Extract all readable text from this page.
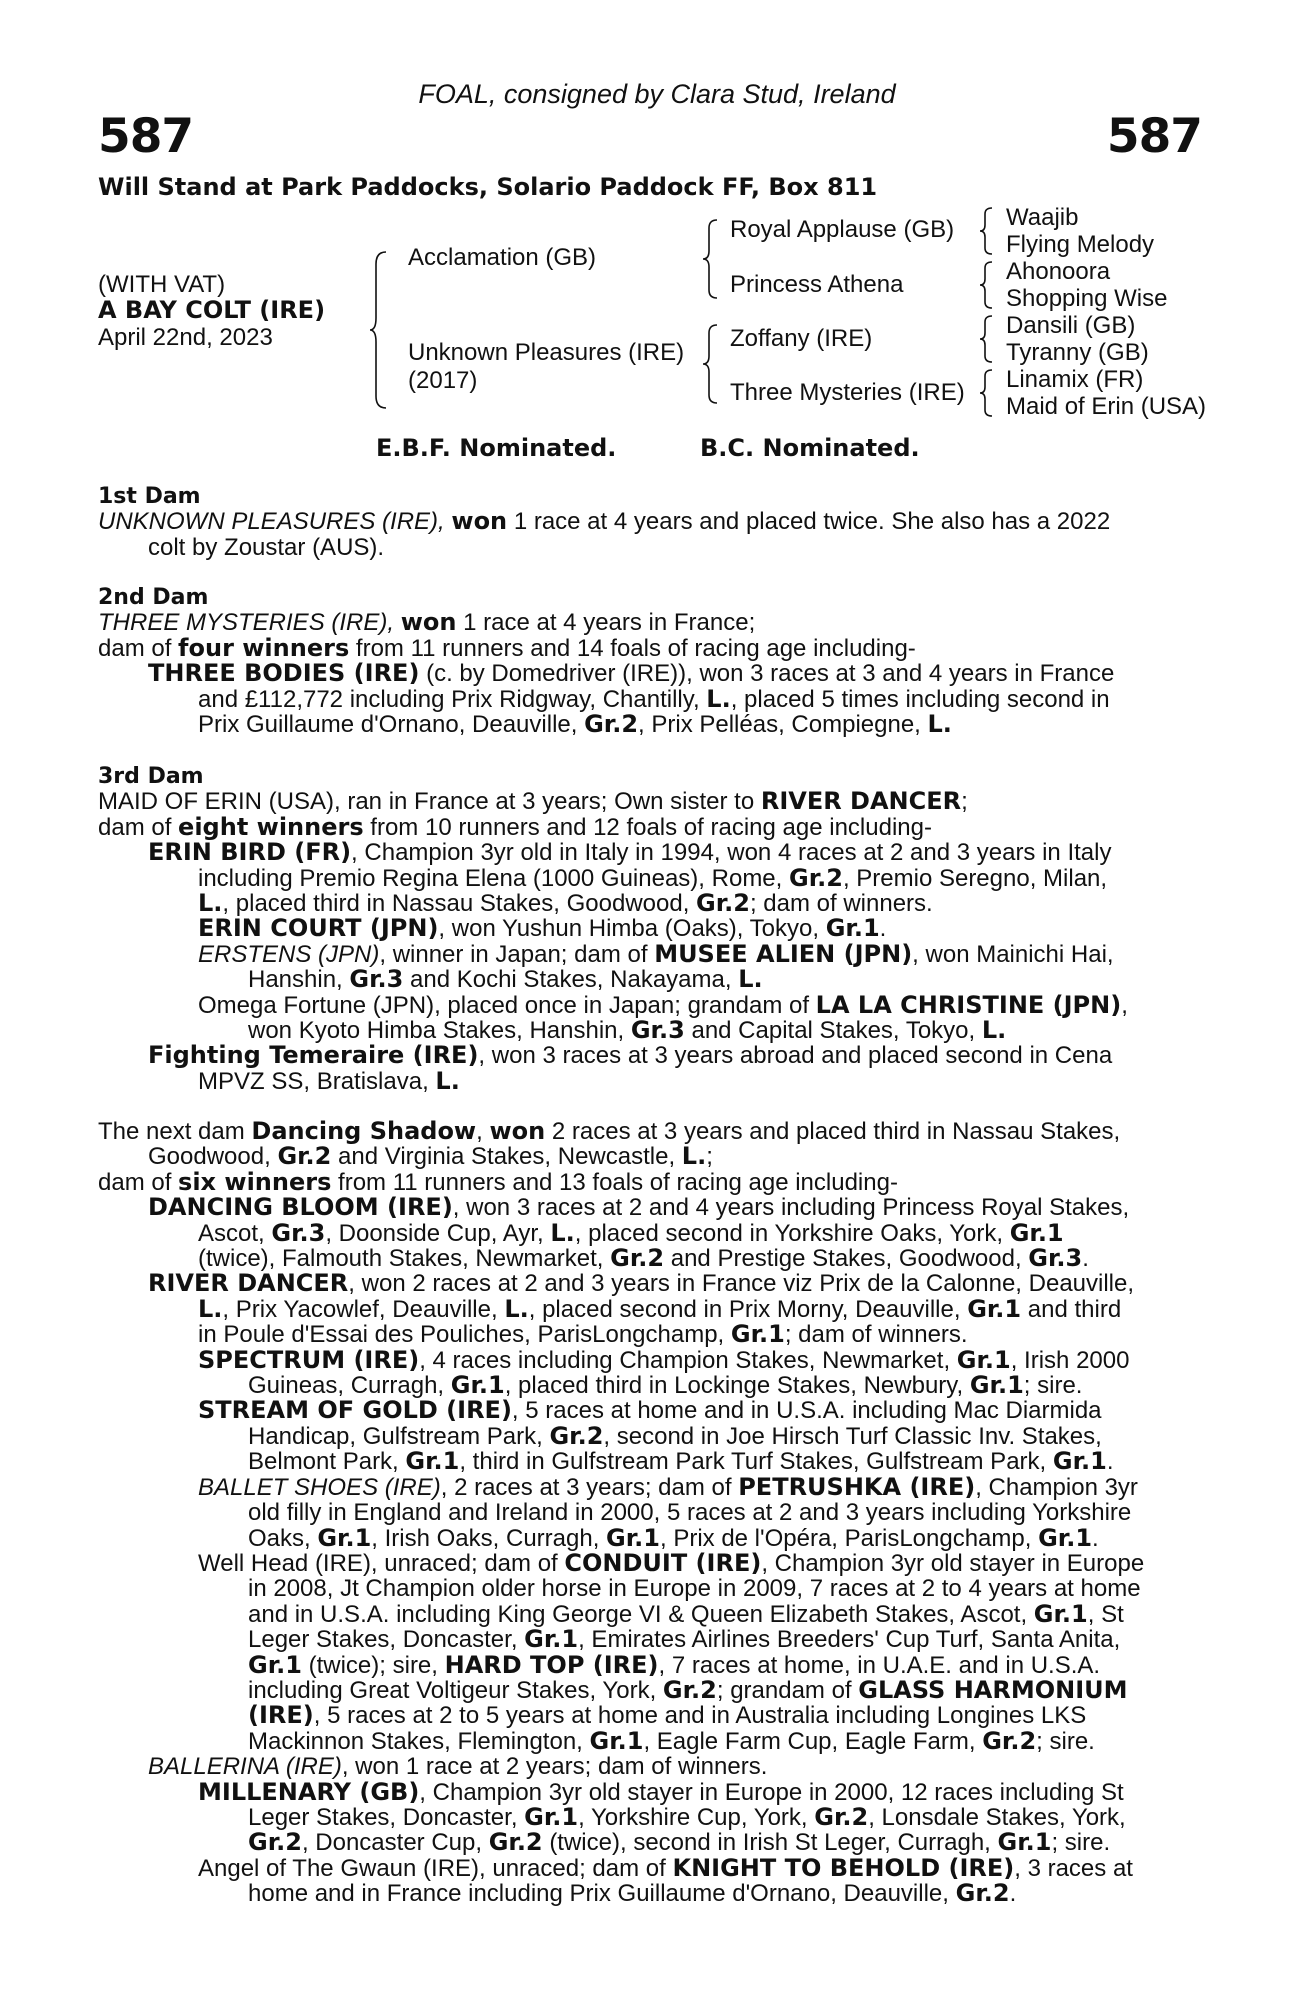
FOAL, consigned by Clara Stud, Ireland
587	587
Will Stand at Park Paddocks, Solario Paddock FF, Box 811
(WITH VAT)
A BAY COLT (IRE)
April 22nd, 2023
Acclamation (GB)
Unknown Pleasures (IRE)
(2017)
Royal Applause (GB)
Princess Athena
Zoffany (IRE)
Three Mysteries (IRE)
Waajib
Flying Melody
Ahonoora
Shopping Wise
Dansili (GB)
Tyranny (GB)
Linamix (FR)
Maid of Erin (USA)
E.B.F. Nominated.	B.C. Nominated.
1st Dam
UNKNOWN PLEASURES (IRE), won 1 race at 4 years and placed twice. She also has a 2022
colt by Zoustar (AUS).
2nd Dam
THREE MYSTERIES (IRE), won 1 race at 4 years in France;
dam of four winners from 11 runners and 14 foals of racing age including-
THREE BODIES (IRE) (c. by Domedriver (IRE)), won 3 races at 3 and 4 years in France
and £112,772 including Prix Ridgway, Chantilly, L., placed 5 times including second in
Prix Guillaume d'Ornano, Deauville, Gr.2, Prix Pelléas, Compiegne, L.
3rd Dam
MAID OF ERIN (USA), ran in France at 3 years; Own sister to RIVER DANCER;
dam of eight winners from 10 runners and 12 foals of racing age including-
ERIN BIRD (FR), Champion 3yr old in Italy in 1994, won 4 races at 2 and 3 years in Italy
including Premio Regina Elena (1000 Guineas), Rome, Gr.2, Premio Seregno, Milan,
L., placed third in Nassau Stakes, Goodwood, Gr.2; dam of winners.
ERIN COURT (JPN), won Yushun Himba (Oaks), Tokyo, Gr.1.
ERSTENS (JPN), winner in Japan; dam of MUSEE ALIEN (JPN), won Mainichi Hai,
Hanshin, Gr.3 and Kochi Stakes, Nakayama, L.
Omega Fortune (JPN), placed once in Japan; grandam of LA LA CHRISTINE (JPN),
won Kyoto Himba Stakes, Hanshin, Gr.3 and Capital Stakes, Tokyo, L.
Fighting Temeraire (IRE), won 3 races at 3 years abroad and placed second in Cena
MPVZ SS, Bratislava, L.
The next dam Dancing Shadow, won 2 races at 3 years and placed third in Nassau Stakes,
Goodwood, Gr.2 and Virginia Stakes, Newcastle, L.;
dam of six winners from 11 runners and 13 foals of racing age including-
DANCING BLOOM (IRE), won 3 races at 2 and 4 years including Princess Royal Stakes,
Ascot, Gr.3, Doonside Cup, Ayr, L., placed second in Yorkshire Oaks, York, Gr.1
(twice), Falmouth Stakes, Newmarket, Gr.2 and Prestige Stakes, Goodwood, Gr.3.
RIVER DANCER, won 2 races at 2 and 3 years in France viz Prix de la Calonne, Deauville,
L., Prix Yacowlef, Deauville, L., placed second in Prix Morny, Deauville, Gr.1 and third
in Poule d'Essai des Pouliches, ParisLongchamp, Gr.1; dam of winners.
SPECTRUM (IRE), 4 races including Champion Stakes, Newmarket, Gr.1, Irish 2000
Guineas, Curragh, Gr.1, placed third in Lockinge Stakes, Newbury, Gr.1; sire.
STREAM OF GOLD (IRE), 5 races at home and in U.S.A. including Mac Diarmida
Handicap, Gulfstream Park, Gr.2, second in Joe Hirsch Turf Classic Inv. Stakes,
Belmont Park, Gr.1, third in Gulfstream Park Turf Stakes, Gulfstream Park, Gr.1.
BALLET SHOES (IRE), 2 races at 3 years; dam of PETRUSHKA (IRE), Champion 3yr
old filly in England and Ireland in 2000, 5 races at 2 and 3 years including Yorkshire
Oaks, Gr.1, Irish Oaks, Curragh, Gr.1, Prix de l'Opéra, ParisLongchamp, Gr.1.
Well Head (IRE), unraced; dam of CONDUIT (IRE), Champion 3yr old stayer in Europe
in 2008, Jt Champion older horse in Europe in 2009, 7 races at 2 to 4 years at home
and in U.S.A. including King George VI & Queen Elizabeth Stakes, Ascot, Gr.1, St
Leger Stakes, Doncaster, Gr.1, Emirates Airlines Breeders' Cup Turf, Santa Anita,
Gr.1 (twice); sire, HARD TOP (IRE), 7 races at home, in U.A.E. and in U.S.A.
including Great Voltigeur Stakes, York, Gr.2; grandam of GLASS HARMONIUM
(IRE), 5 races at 2 to 5 years at home and in Australia including Longines LKS
Mackinnon Stakes, Flemington, Gr.1, Eagle Farm Cup, Eagle Farm, Gr.2; sire.
BALLERINA (IRE), won 1 race at 2 years; dam of winners.
MILLENARY (GB), Champion 3yr old stayer in Europe in 2000, 12 races including St
Leger Stakes, Doncaster, Gr.1, Yorkshire Cup, York, Gr.2, Lonsdale Stakes, York,
Gr.2, Doncaster Cup, Gr.2 (twice), second in Irish St Leger, Curragh, Gr.1; sire.
Angel of The Gwaun (IRE), unraced; dam of KNIGHT TO BEHOLD (IRE), 3 races at
home and in France including Prix Guillaume d'Ornano, Deauville, Gr.2.
